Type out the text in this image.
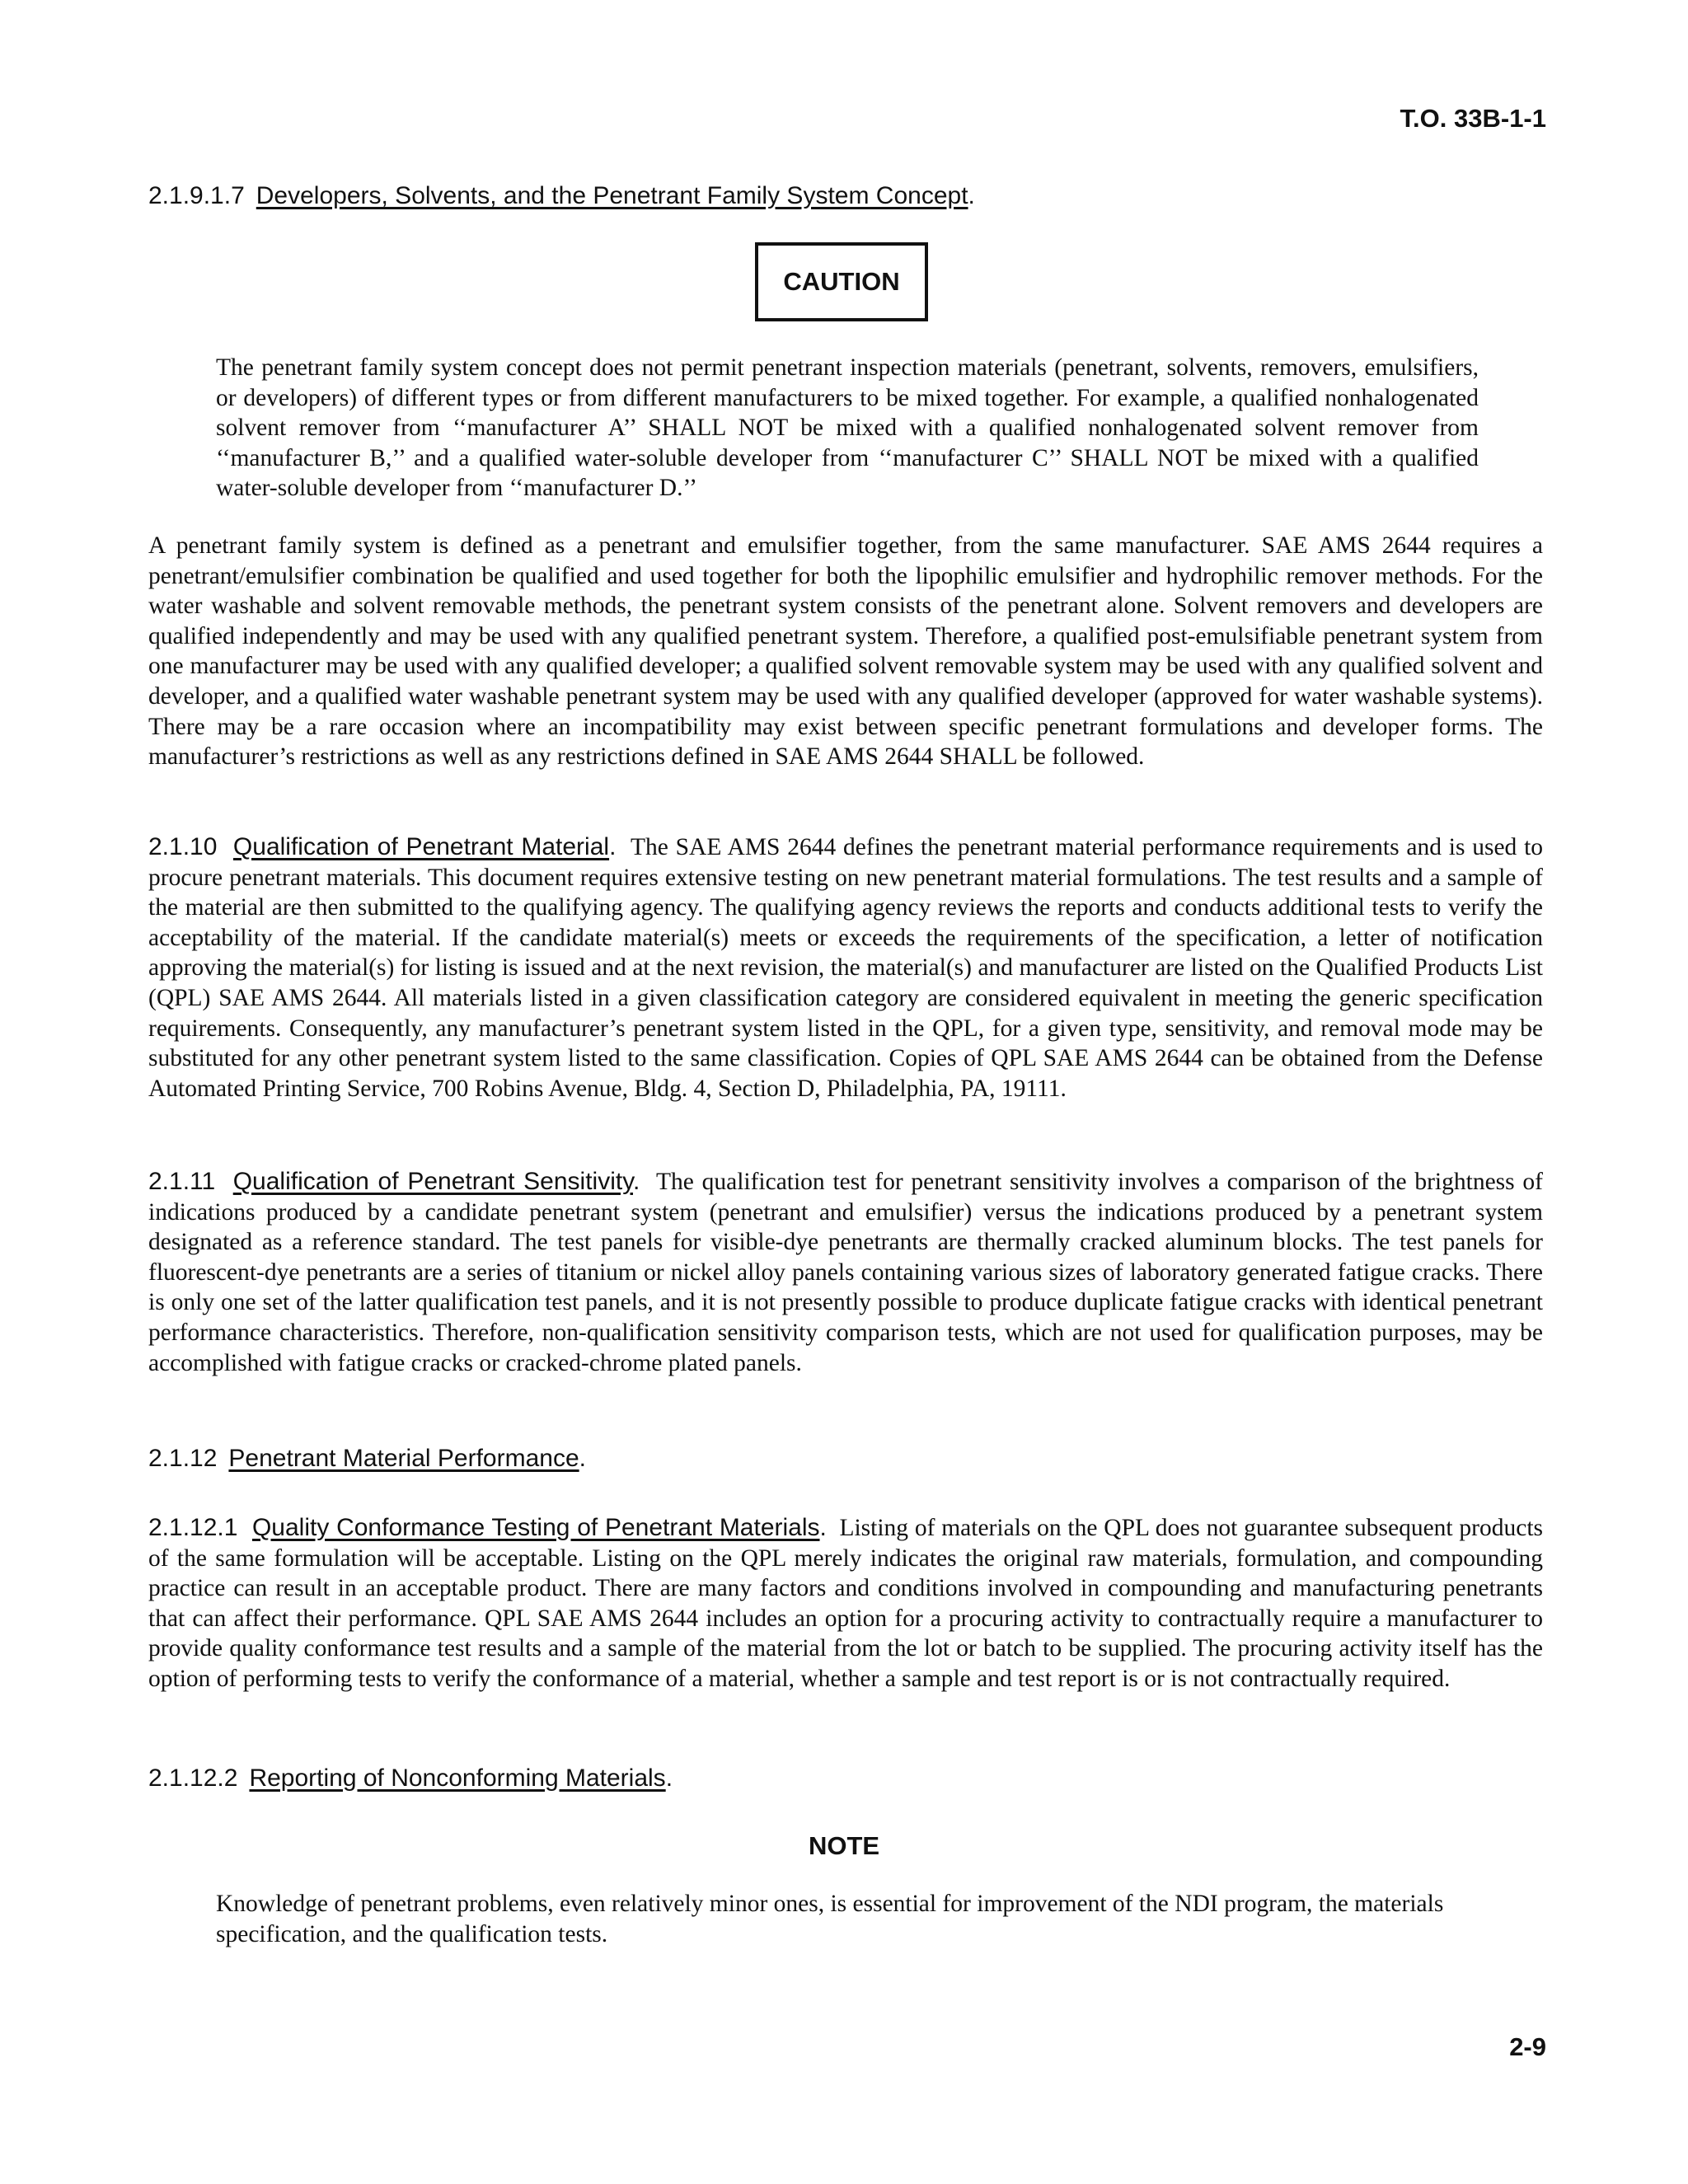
T.O. 33B-1-1

2.1.9.1.7 Developers, Solvents, and the Penetrant Family System Concept.

CAUTION

The penetrant family system concept does not permit penetrant inspection materials (penetrant, solvents, removers, emulsifiers, or developers) of different types or from different manufacturers to be mixed together. For example, a qualified nonhalogenated solvent remover from ‘‘manufacturer A’’ SHALL NOT be mixed with a qualified nonhalogenated solvent remover from ‘‘manufacturer B,’’ and a qualified water-soluble developer from ‘‘manufacturer C’’ SHALL NOT be mixed with a qualified water-soluble developer from ‘‘manufacturer D.’’

A penetrant family system is defined as a penetrant and emulsifier together, from the same manufacturer. SAE AMS 2644 requires a penetrant/emulsifier combination be qualified and used together for both the lipophilic emulsifier and hydrophilic remover methods. For the water washable and solvent removable methods, the penetrant system consists of the penetrant alone. Solvent removers and developers are qualified independently and may be used with any qualified penetrant system. Therefore, a qualified post-emulsifiable penetrant system from one manufacturer may be used with any qualified developer; a qualified solvent removable system may be used with any qualified solvent and developer, and a qualified water washable penetrant system may be used with any qualified developer (approved for water washable systems). There may be a rare occasion where an incompatibility may exist between specific penetrant formulations and developer forms. The manufacturer’s restrictions as well as any restrictions defined in SAE AMS 2644 SHALL be followed.

2.1.10 Qualification of Penetrant Material. The SAE AMS 2644 defines the penetrant material performance requirements and is used to procure penetrant materials. This document requires extensive testing on new penetrant material formulations. The test results and a sample of the material are then submitted to the qualifying agency. The qualifying agency reviews the reports and conducts additional tests to verify the acceptability of the material. If the candidate material(s) meets or exceeds the requirements of the specification, a letter of notification approving the material(s) for listing is issued and at the next revision, the material(s) and manufacturer are listed on the Qualified Products List (QPL) SAE AMS 2644. All materials listed in a given classification category are considered equivalent in meeting the generic specification requirements. Consequently, any manufacturer’s penetrant system listed in the QPL, for a given type, sensitivity, and removal mode may be substituted for any other penetrant system listed to the same classification. Copies of QPL SAE AMS 2644 can be obtained from the Defense Automated Printing Service, 700 Robins Avenue, Bldg. 4, Section D, Philadelphia, PA, 19111.

2.1.11 Qualification of Penetrant Sensitivity. The qualification test for penetrant sensitivity involves a comparison of the brightness of indications produced by a candidate penetrant system (penetrant and emulsifier) versus the indications produced by a penetrant system designated as a reference standard. The test panels for visible-dye penetrants are thermally cracked aluminum blocks. The test panels for fluorescent-dye penetrants are a series of titanium or nickel alloy panels containing various sizes of laboratory generated fatigue cracks. There is only one set of the latter qualification test panels, and it is not presently possible to produce duplicate fatigue cracks with identical penetrant performance characteristics. Therefore, non-qualification sensitivity comparison tests, which are not used for qualification purposes, may be accomplished with fatigue cracks or cracked-chrome plated panels.

2.1.12 Penetrant Material Performance.

2.1.12.1 Quality Conformance Testing of Penetrant Materials. Listing of materials on the QPL does not guarantee subsequent products of the same formulation will be acceptable. Listing on the QPL merely indicates the original raw materials, formulation, and compounding practice can result in an acceptable product. There are many factors and conditions involved in compounding and manufacturing penetrants that can affect their performance. QPL SAE AMS 2644 includes an option for a procuring activity to contractually require a manufacturer to provide quality conformance test results and a sample of the material from the lot or batch to be supplied. The procuring activity itself has the option of performing tests to verify the conformance of a material, whether a sample and test report is or is not contractually required.

2.1.12.2 Reporting of Nonconforming Materials.

NOTE

Knowledge of penetrant problems, even relatively minor ones, is essential for improvement of the NDI program, the materials specification, and the qualification tests.

2-9
